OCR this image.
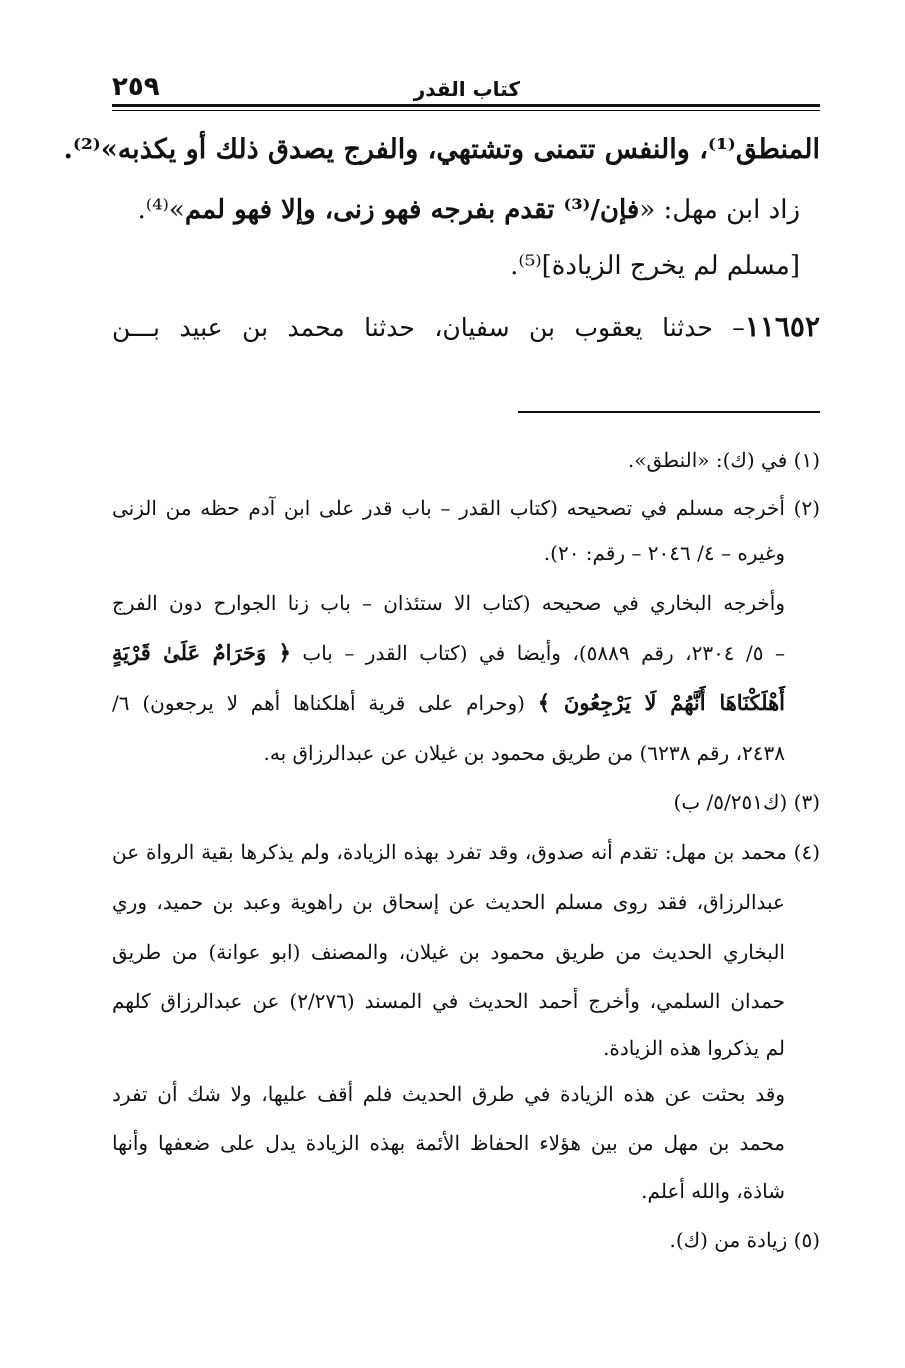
كتاب القدر
٢٥٩
المنطق⁽¹⁾، والنفس تتمنى وتشتهي، والفرج يصدق ذلك أو يكذبه»⁽²⁾.
زاد ابن مهل: «فإن/⁽³⁾ تقدم بفرجه فهو زنى، وإلا فهو لمم»⁽⁴⁾.
[مسلم لم يخرج الزيادة]⁽⁵⁾.
١١٦٥٢– حدثنا يعقوب بن سفيان، حدثنا محمد بن عبيد بـــن
(١) في (ك): «النطق».
(٢) أخرجه مسلم في تصحيحه (كتاب القدر – باب قدر على ابن آدم حظه من الزنى
وغيره – ٤/ ٢٠٤٦ – رقم: ٢٠).
وأخرجه البخاري في صحيحه (كتاب الا ستئذان – باب زنا الجوارح دون الفرج
– ٥/ ٢٣٠٤، رقم ٥٨٨٩)، وأيضا في (كتاب القدر – باب ﴿ وَحَرَامٌ عَلَىٰ قَرْيَةٍ
أَهْلَكْنَاهَا أَنَّهُمْ لَا يَرْجِعُونَ ﴾ (وحرام على قرية أهلكناها أهم لا يرجعون) ٦/
٢٤٣٨، رقم ٦٢٣٨) من طريق محمود بن غيلان عن عبدالرزاق به.
(٣) (ك٥/٢٥١/ ب)
(٤) محمد بن مهل: تقدم أنه صدوق، وقد تفرد بهذه الزيادة، ولم يذكرها بقية الرواة عن
عبدالرزاق، فقد روى مسلم الحديث عن إسحاق بن راهوية وعبد بن حميد، وري
البخاري الحديث من طريق محمود بن غيلان، والمصنف (ابو عوانة) من طريق
حمدان السلمي، وأخرج أحمد الحديث في المسند (٢/٢٧٦) عن عبدالرزاق كلهم
لم يذكروا هذه الزيادة.
وقد بحثت عن هذه الزيادة في طرق الحديث فلم أقف عليها، ولا شك أن تفرد
محمد بن مهل من بين هؤلاء الحفاظ الأئمة بهذه الزيادة يدل على ضعفها وأنها
شاذة، والله أعلم.
(٥) زيادة من (ك).
